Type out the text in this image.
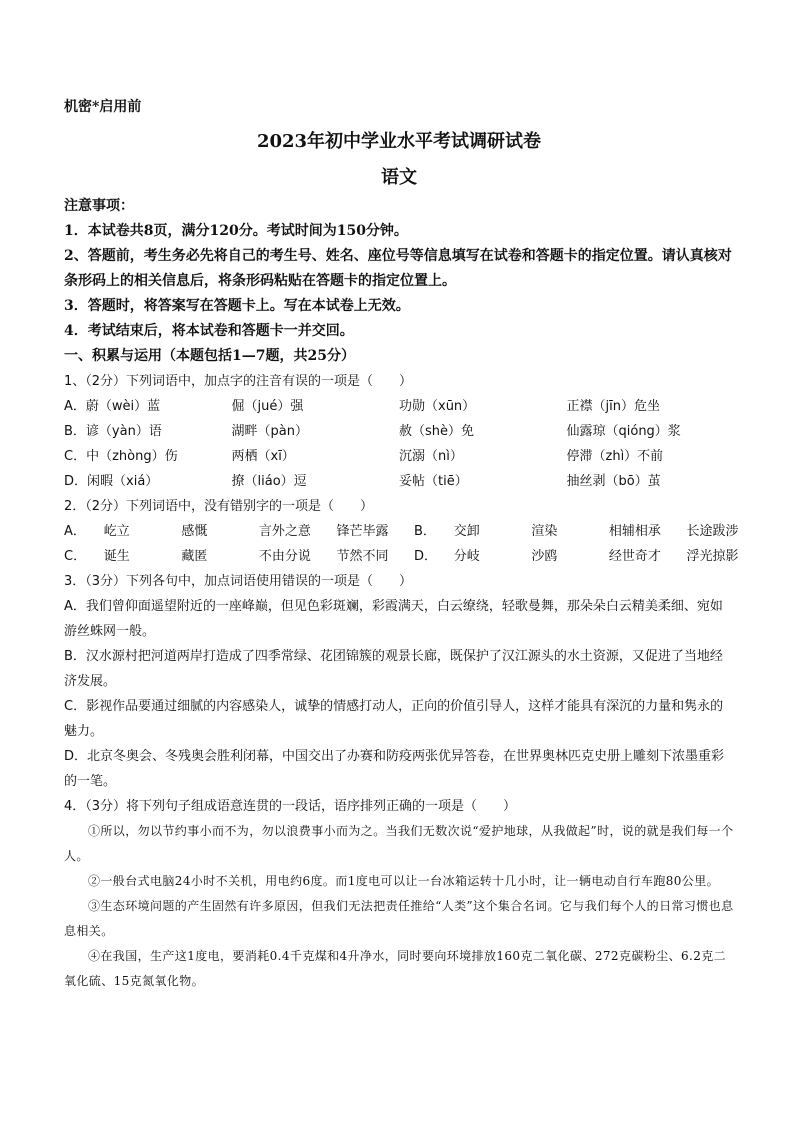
机密*启用前
2023年初中学业水平考试调研试卷
语文
注意事项：
1．本试卷共8页，满分120分。考试时间为150分钟。
2、答题前，考生务必先将自己的考生号、姓名、座位号等信息填写在试卷和答题卡的指定位置。请认真核对条形码上的相关信息后，将条形码粘贴在答题卡的指定位置上。
3．答题时，将答案写在答题卡上。写在本试卷上无效。
4．考试结束后，将本试卷和答题卡一并交回。
一、积累与运用（本题包括1—7题，共25分）
1、（2分）下列词语中，加点字的注音有误的一项是（　　）
A．蔚（wèi）蓝	倔（jué）强	功勋（xūn）	正襟（jīn）危坐
B．谚（yàn）语	湖畔（pàn）	赦（shè）免	仙露琼（qióng）浆
C．中（zhòng）伤	两栖（xī）	沉溺（nì）	停滞（zhì）不前
D．闲暇（xiá）	撩（liáo）逗	妥帖（tiē）	抽丝剥（bō）茧
2．（2分）下列词语中，没有错别字的一项是（　　）
A．	屹立	感慨	言外之意	锋芒毕露	B．	交卸	渲染	相辅相承	长途跋涉
C．	诞生	藏匿	不由分说	节然不同	D．	分岐	沙鸥	经世奇才	浮光掠影
3．（3分）下列各句中，加点词语使用错误的一项是（　　）
A．我们曾仰面遥望附近的一座峰巅，但见色彩斑斓，彩霞满天，白云缭绕，轻歌曼舞，那朵朵白云精美柔细、宛如游丝蛛网一般。
B．汉水源村把河道两岸打造成了四季常绿、花团锦簇的观景长廊，既保护了汉江源头的水土资源，又促进了当地经济发展。
C．影视作品要通过细腻的内容感染人，诚挚的情感打动人，正向的价值引导人，这样才能具有深沉的力量和隽永的魅力。
D．北京冬奥会、冬残奥会胜利闭幕，中国交出了办赛和防疫两张优异答卷，在世界奥林匹克史册上雕刻下浓墨重彩的一笔。
4．（3分）将下列句子组成语意连贯的一段话，语序排列正确的一项是（　　）
①所以，勿以节约事小而不为，勿以浪费事小而为之。当我们无数次说“爱护地球，从我做起”时，说的就是我们每一个人。
②一般台式电脑24小时不关机，用电约6度。而1度电可以让一台冰箱运转十几小时，让一辆电动自行车跑80公里。
③生态环境问题的产生固然有许多原因，但我们无法把责任推给“人类”这个集合名词。它与我们每个人的日常习惯也息息相关。
④在我国，生产这1度电，要消耗0.4千克煤和4升净水，同时要向环境排放160克二氧化碳、272克碳粉尘、6.2克二氧化硫、15克氮氧化物。
